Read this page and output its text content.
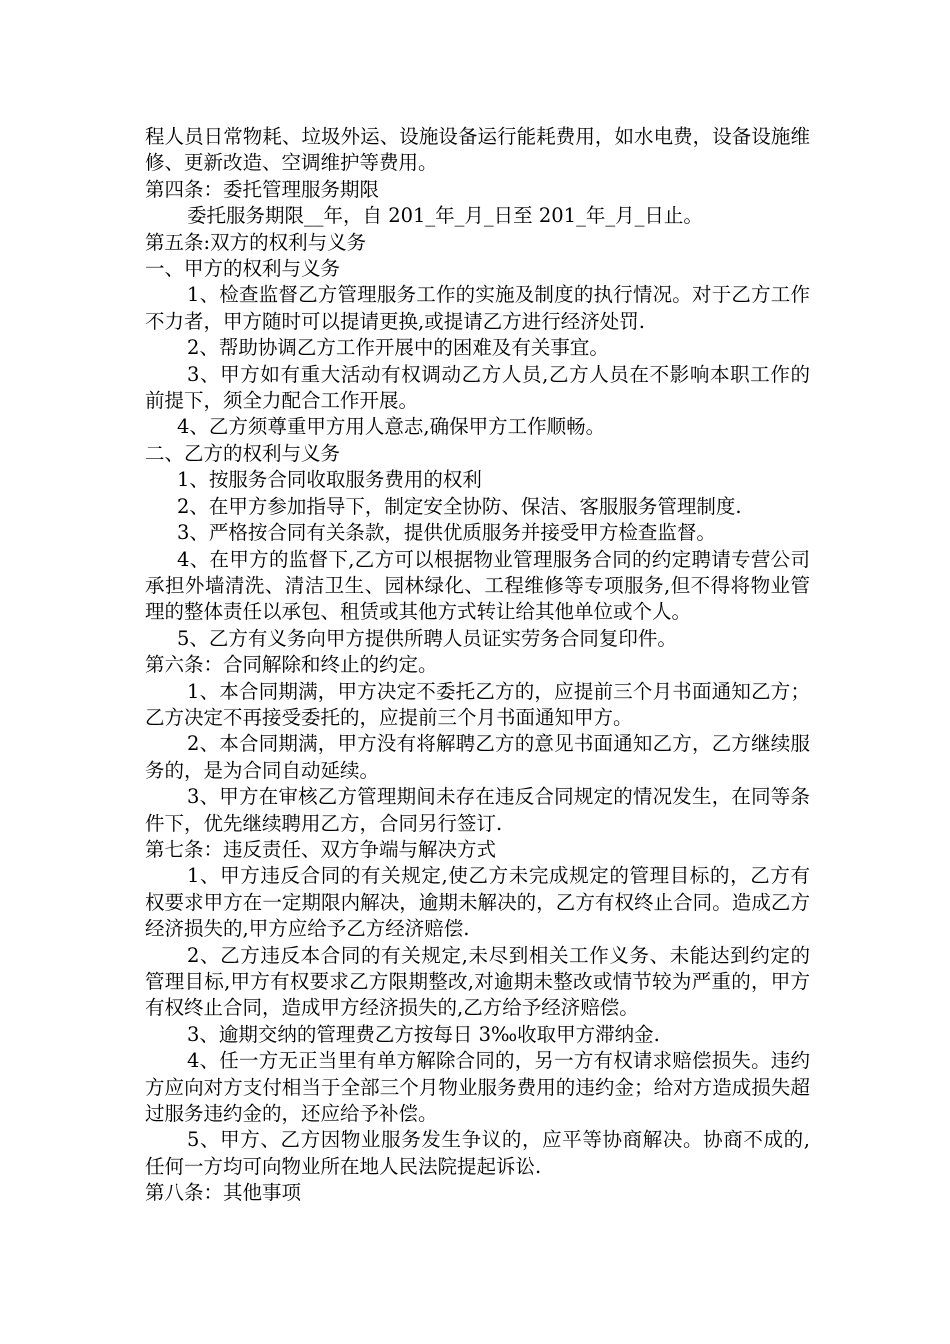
程人员日常物耗、垃圾外运、设施设备运行能耗费用，如水电费，设备设施维修、更新改造、空调维护等费用。

第四条：委托管理服务期限

委托服务期限__年，自 201_年_月_日至 201_年_月_日止。

第五条:双方的权利与义务

一、甲方的权利与义务

1、检查监督乙方管理服务工作的实施及制度的执行情况。对于乙方工作不力者，甲方随时可以提请更换,或提请乙方进行经济处罚.

2、帮助协调乙方工作开展中的困难及有关事宜。

3、甲方如有重大活动有权调动乙方人员,乙方人员在不影响本职工作的前提下，须全力配合工作开展。

4、乙方须尊重甲方用人意志,确保甲方工作顺畅。

二、乙方的权利与义务

1、按服务合同收取服务费用的权利

2、在甲方参加指导下，制定安全协防、保洁、客服服务管理制度.

3、严格按合同有关条款，提供优质服务并接受甲方检查监督。

4、在甲方的监督下,乙方可以根据物业管理服务合同的约定聘请专营公司承担外墙清洗、清洁卫生、园林绿化、工程维修等专项服务,但不得将物业管理的整体责任以承包、租赁或其他方式转让给其他单位或个人。

5、乙方有义务向甲方提供所聘人员证实劳务合同复印件。

第六条：合同解除和终止的约定。

1、本合同期满，甲方决定不委托乙方的，应提前三个月书面通知乙方；乙方决定不再接受委托的，应提前三个月书面通知甲方。

2、本合同期满，甲方没有将解聘乙方的意见书面通知乙方，乙方继续服务的，是为合同自动延续。

3、甲方在审核乙方管理期间未存在违反合同规定的情况发生，在同等条件下，优先继续聘用乙方，合同另行签订.

第七条：违反责任、双方争端与解决方式

1、甲方违反合同的有关规定,使乙方未完成规定的管理目标的，乙方有权要求甲方在一定期限内解决，逾期未解决的，乙方有权终止合同。造成乙方经济损失的,甲方应给予乙方经济赔偿.

2、乙方违反本合同的有关规定,未尽到相关工作义务、未能达到约定的管理目标,甲方有权要求乙方限期整改,对逾期未整改或情节较为严重的，甲方有权终止合同，造成甲方经济损失的,乙方给予经济赔偿。

3、逾期交纳的管理费乙方按每日 3‰收取甲方滞纳金.

4、任一方无正当里有单方解除合同的，另一方有权请求赔偿损失。违约方应向对方支付相当于全部三个月物业服务费用的违约金；给对方造成损失超过服务违约金的，还应给予补偿。

5、甲方、乙方因物业服务发生争议的，应平等协商解决。协商不成的,任何一方均可向物业所在地人民法院提起诉讼.

第八条：其他事项
